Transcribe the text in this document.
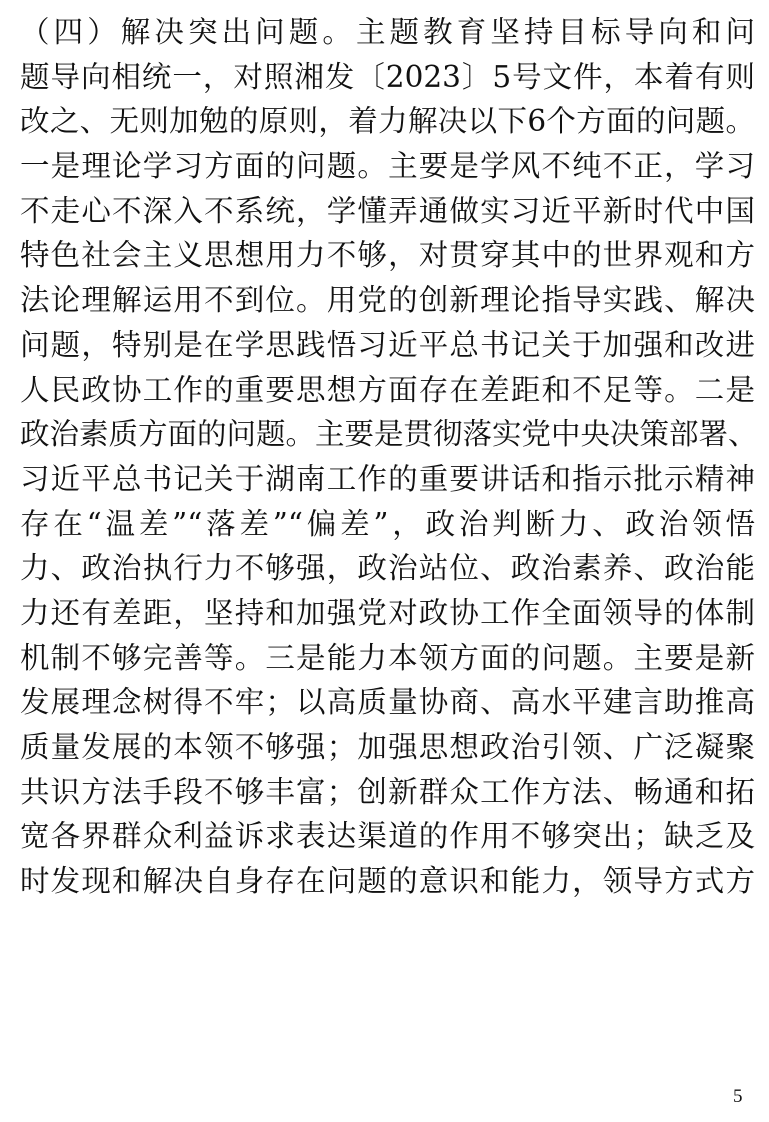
（四）解决突出问题。主题教育坚持目标导向和问
题导向相统一，对照湘发〔2023〕5号文件，本着有则
改之、无则加勉的原则，着力解决以下6个方面的问题。
一是理论学习方面的问题。主要是学风不纯不正，学习
不走心不深入不系统，学懂弄通做实习近平新时代中国
特色社会主义思想用力不够，对贯穿其中的世界观和方
法论理解运用不到位。用党的创新理论指导实践、解决
问题，特别是在学思践悟习近平总书记关于加强和改进
人民政协工作的重要思想方面存在差距和不足等。二是
政治素质方面的问题。主要是贯彻落实党中央决策部署、
习近平总书记关于湖南工作的重要讲话和指示批示精神
存在“温差”“落差”“偏差”，政治判断力、政治领悟
力、政治执行力不够强，政治站位、政治素养、政治能
力还有差距，坚持和加强党对政协工作全面领导的体制
机制不够完善等。三是能力本领方面的问题。主要是新
发展理念树得不牢；以高质量协商、高水平建言助推高
质量发展的本领不够强；加强思想政治引领、广泛凝聚
共识方法手段不够丰富；创新群众工作方法、畅通和拓
宽各界群众利益诉求表达渠道的作用不够突出；缺乏及
时发现和解决自身存在问题的意识和能力，领导方式方
5
